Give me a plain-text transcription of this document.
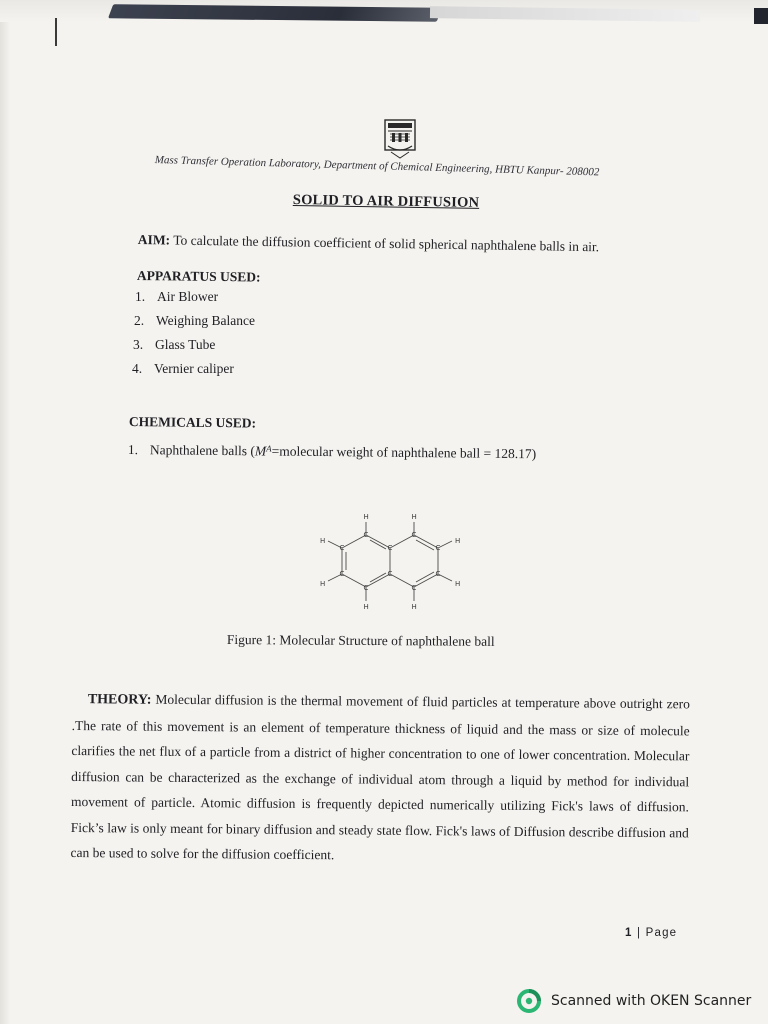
Mass Transfer Operation Laboratory, Department of Chemical Engineering, HBTU Kanpur- 208002
SOLID TO AIR DIFFUSION
AIM: To calculate the diffusion coefficient of solid spherical naphthalene balls in air.
APPARATUS USED:
1. Air Blower
2. Weighing Balance
3. Glass Tube
4. Vernier caliper
CHEMICALS USED:
1. Naphthalene balls ( M A =molecular weight of naphthalene ball = 128.17)
C
C
C
C
C
C
C
C
C
C
H	H
H
H
H
H
H	H
Figure 1: Molecular Structure of naphthalene ball
THEORY: Molecular diffusion is the thermal movement of fluid particles at temperature above outright zero .The rate of this movement is an element of temperature thickness of liquid and the mass or size of molecule clarifies the net flux of a particle from a district of higher concentration to one of lower concentration. Molecular diffusion can be characterized as the exchange of individual atom through a liquid by method for individual movement of particle. Atomic diffusion is frequently depicted numerically utilizing Fick's laws of diffusion. Fick’s law is only meant for binary diffusion and steady state flow. Fick's laws of Diffusion describe diffusion and can be used to solve for the diffusion coefficient.
1 | Page
Scanned with OKEN Scanner
